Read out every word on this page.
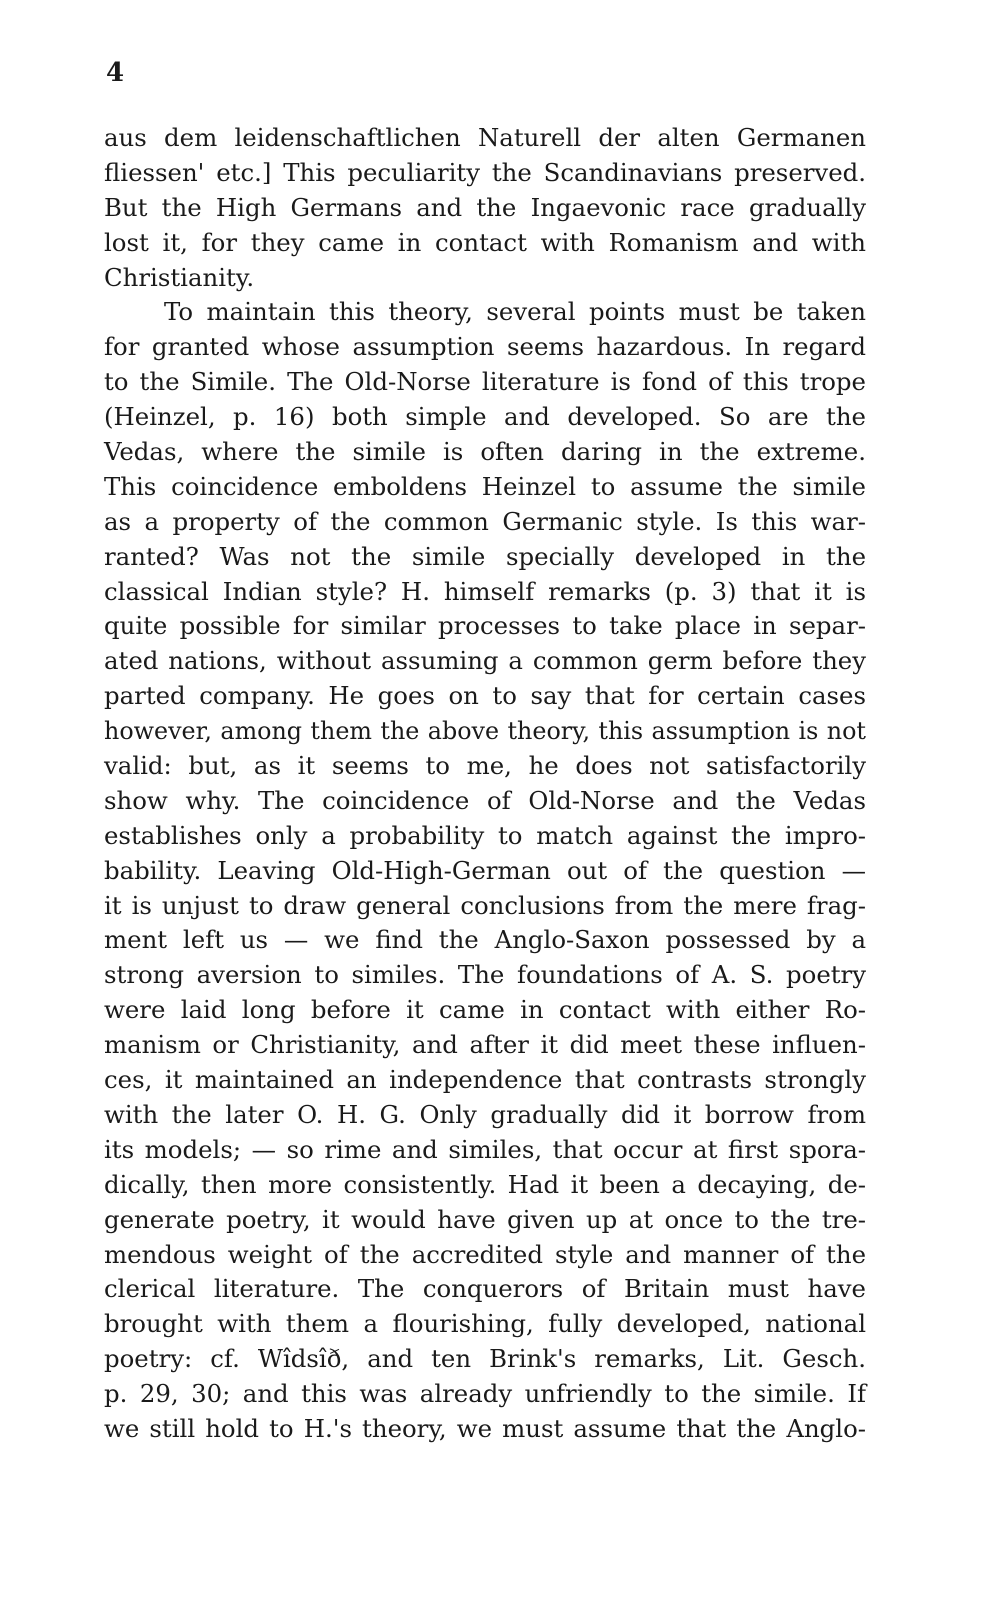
4
aus dem leidenschaftlichen Naturell der alten Germanen
fliessen' etc.] This peculiarity the Scandinavians preserved.
But the High Germans and the Ingaevonic race gradually
lost it, for they came in contact with Romanism and with
Christianity.
To maintain this theory, several points must be taken
for granted whose assumption seems hazardous. In regard
to the Simile. The Old-Norse literature is fond of this trope
(Heinzel, p. 16) both simple and developed. So are the
Vedas, where the simile is often daring in the extreme.
This coincidence emboldens Heinzel to assume the simile
as a property of the common Germanic style. Is this war-
ranted? Was not the simile specially developed in the
classical Indian style? H. himself remarks (p. 3) that it is
quite possible for similar processes to take place in separ-
ated nations, without assuming a common germ before they
parted company. He goes on to say that for certain cases
however, among them the above theory, this assumption is not
valid: but, as it seems to me, he does not satisfactorily
show why. The coincidence of Old-Norse and the Vedas
establishes only a probability to match against the impro-
bability. Leaving Old-High-German out of the question —
it is unjust to draw general conclusions from the mere frag-
ment left us — we find the Anglo-Saxon possessed by a
strong aversion to similes. The foundations of A. S. poetry
were laid long before it came in contact with either Ro-
manism or Christianity, and after it did meet these influen-
ces, it maintained an independence that contrasts strongly
with the later O. H. G. Only gradually did it borrow from
its models; — so rime and similes, that occur at first spora-
dically, then more consistently. Had it been a decaying, de-
generate poetry, it would have given up at once to the tre-
mendous weight of the accredited style and manner of the
clerical literature. The conquerors of Britain must have
brought with them a flourishing, fully developed, national
poetry: cf. Wîdsîð, and ten Brink's remarks, Lit. Gesch.
p. 29, 30; and this was already unfriendly to the simile. If
we still hold to H.'s theory, we must assume that the Anglo-
